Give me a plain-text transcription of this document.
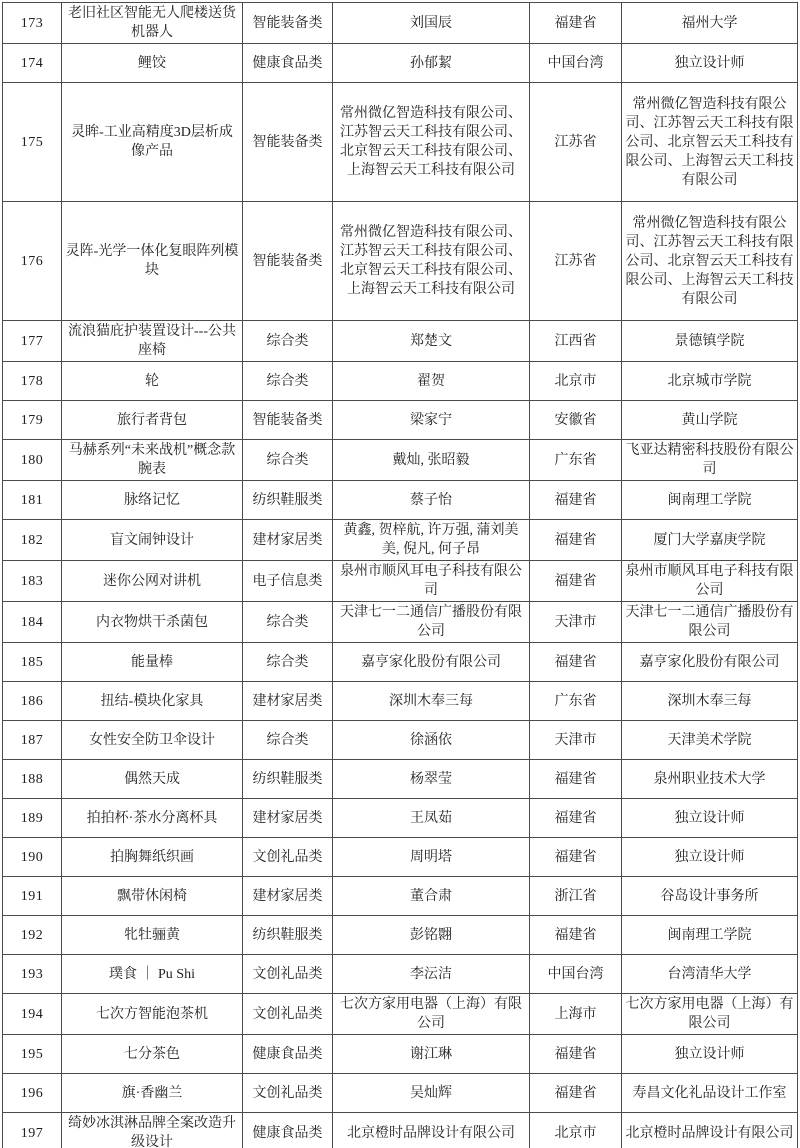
173	老旧社区智能无人爬楼送货机器人	智能装备类	刘国辰	福建省	福州大学
174	鲤饺	健康食品类	孙郁絜	中国台湾	独立设计师
175	灵眸-工业高精度3D层析成像产品	智能装备类	常州微亿智造科技有限公司、江苏智云天工科技有限公司、北京智云天工科技有限公司、上海智云天工科技有限公司	江苏省	常州微亿智造科技有限公司、江苏智云天工科技有限公司、北京智云天工科技有限公司、上海智云天工科技有限公司
176	灵阵-光学一体化复眼阵列模块	智能装备类	常州微亿智造科技有限公司、江苏智云天工科技有限公司、北京智云天工科技有限公司、上海智云天工科技有限公司	江苏省	常州微亿智造科技有限公司、江苏智云天工科技有限公司、北京智云天工科技有限公司、上海智云天工科技有限公司
177	流浪猫庇护装置设计---公共座椅	综合类	郑楚文	江西省	景德镇学院
178	轮	综合类	翟贺	北京市	北京城市学院
179	旅行者背包	智能装备类	梁家宁	安徽省	黄山学院
180	马赫系列“未来战机”概念款腕表	综合类	戴灿, 张昭毅	广东省	飞亚达精密科技股份有限公司
181	脉络记忆	纺织鞋服类	蔡子怡	福建省	闽南理工学院
182	盲文闹钟设计	建材家居类	黄鑫, 贺梓航, 许万强, 蒲刘美美, 倪凡, 何子昂	福建省	厦门大学嘉庚学院
183	迷你公网对讲机	电子信息类	泉州市顺风耳电子科技有限公司	福建省	泉州市顺风耳电子科技有限公司
184	内衣物烘干杀菌包	综合类	天津七一二通信广播股份有限公司	天津市	天津七一二通信广播股份有限公司
185	能量棒	综合类	嘉亨家化股份有限公司	福建省	嘉亨家化股份有限公司
186	扭结-模块化家具	建材家居类	深圳木奉三每	广东省	深圳木奉三每
187	女性安全防卫伞设计	综合类	徐涵依	天津市	天津美术学院
188	偶然天成	纺织鞋服类	杨翠莹	福建省	泉州职业技术大学
189	拍拍杯·茶水分离杯具	建材家居类	王凤茹	福建省	独立设计师
190	拍胸舞纸织画	文创礼品类	周明塔	福建省	独立设计师
191	飘带休闲椅	建材家居类	董合肃	浙江省	谷岛设计事务所
192	牝牡骊黄	纺织鞋服类	彭铭翾	福建省	闽南理工学院
193	璞食 ｜ Pu Shi	文创礼品类	李沄洁	中国台湾	台湾清华大学
194	七次方智能泡茶机	文创礼品类	七次方家用电器（上海）有限公司	上海市	七次方家用电器（上海）有限公司
195	七分茶色	健康食品类	谢江琳	福建省	独立设计师
196	旗·香幽兰	文创礼品类	吴灿辉	福建省	寿昌文化礼品设计工作室
197	绮妙冰淇淋品牌全案改造升级设计	健康食品类	北京橙时品牌设计有限公司	北京市	北京橙时品牌设计有限公司
